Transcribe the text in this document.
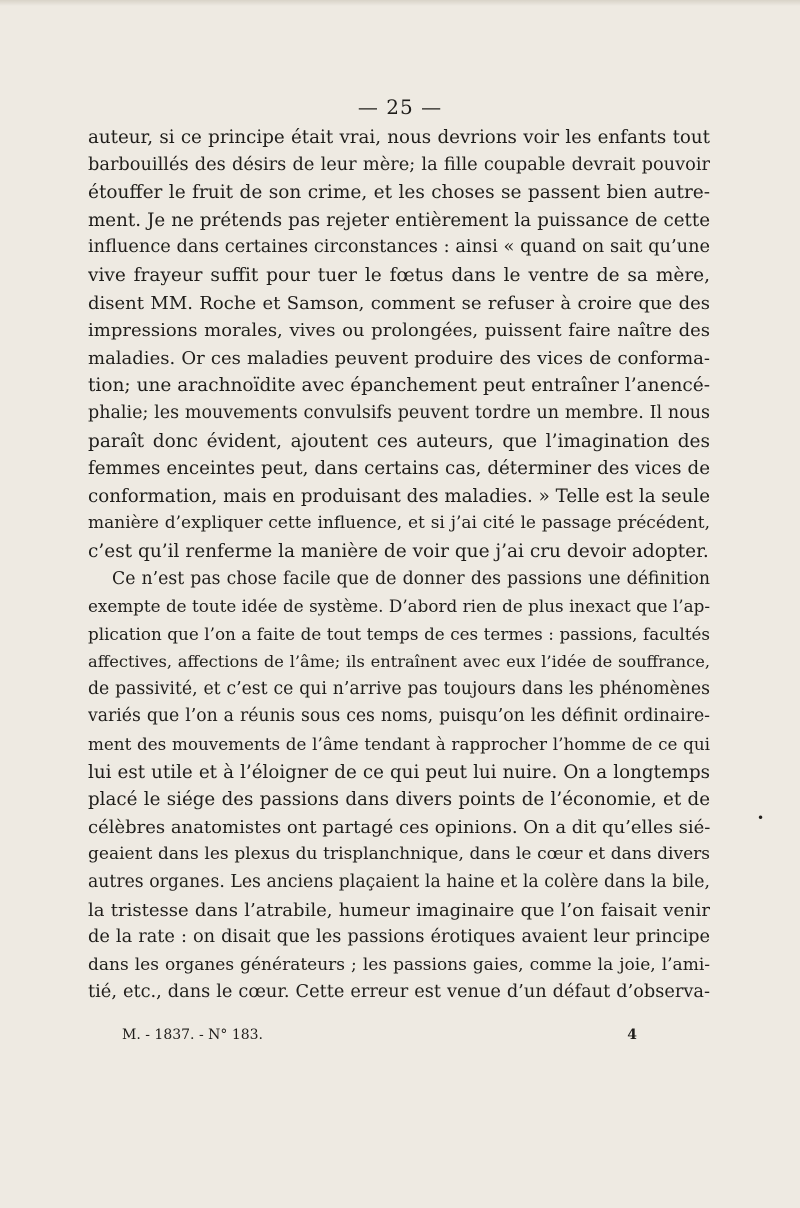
— 25 —
auteur, si ce principe était vrai, nous devrions voir les enfants tout
barbouillés des désirs de leur mère; la fille coupable devrait pouvoir
étouffer le fruit de son crime, et les choses se passent bien autre-
ment. Je ne prétends pas rejeter entièrement la puissance de cette
influence dans certaines circonstances : ainsi « quand on sait qu’une
vive frayeur suffit pour tuer le fœtus dans le ventre de sa mère,
disent MM. Roche et Samson, comment se refuser à croire que des
impressions morales, vives ou prolongées, puissent faire naître des
maladies. Or ces maladies peuvent produire des vices de conforma-
tion; une arachnoïdite avec épanchement peut entraîner l’anencé-
phalie; les mouvements convulsifs peuvent tordre un membre. Il nous
paraît donc évident, ajoutent ces auteurs, que l’imagination des
femmes enceintes peut, dans certains cas, déterminer des vices de
conformation, mais en produisant des maladies. » Telle est la seule
manière d’expliquer cette influence, et si j’ai cité le passage précédent,
c’est qu’il renferme la manière de voir que j’ai cru devoir adopter.
Ce n’est pas chose facile que de donner des passions une définition
exempte de toute idée de système. D’abord rien de plus inexact que l’ap-
plication que l’on a faite de tout temps de ces termes : passions, facultés
affectives, affections de l’âme; ils entraînent avec eux l’idée de souffrance,
de passivité, et c’est ce qui n’arrive pas toujours dans les phénomènes
variés que l’on a réunis sous ces noms, puisqu’on les définit ordinaire-
ment des mouvements de l’âme tendant à rapprocher l’homme de ce qui
lui est utile et à l’éloigner de ce qui peut lui nuire. On a longtemps
placé le siége des passions dans divers points de l’économie, et de
célèbres anatomistes ont partagé ces opinions. On a dit qu’elles sié-
geaient dans les plexus du trisplanchnique, dans le cœur et dans divers
autres organes. Les anciens plaçaient la haine et la colère dans la bile,
la tristesse dans l’atrabile, humeur imaginaire que l’on faisait venir
de la rate : on disait que les passions érotiques avaient leur principe
dans les organes générateurs ; les passions gaies, comme la joie, l’ami-
tié, etc., dans le cœur. Cette erreur est venue d’un défaut d’observa-
•
M. - 1837. - N° 183.	4
